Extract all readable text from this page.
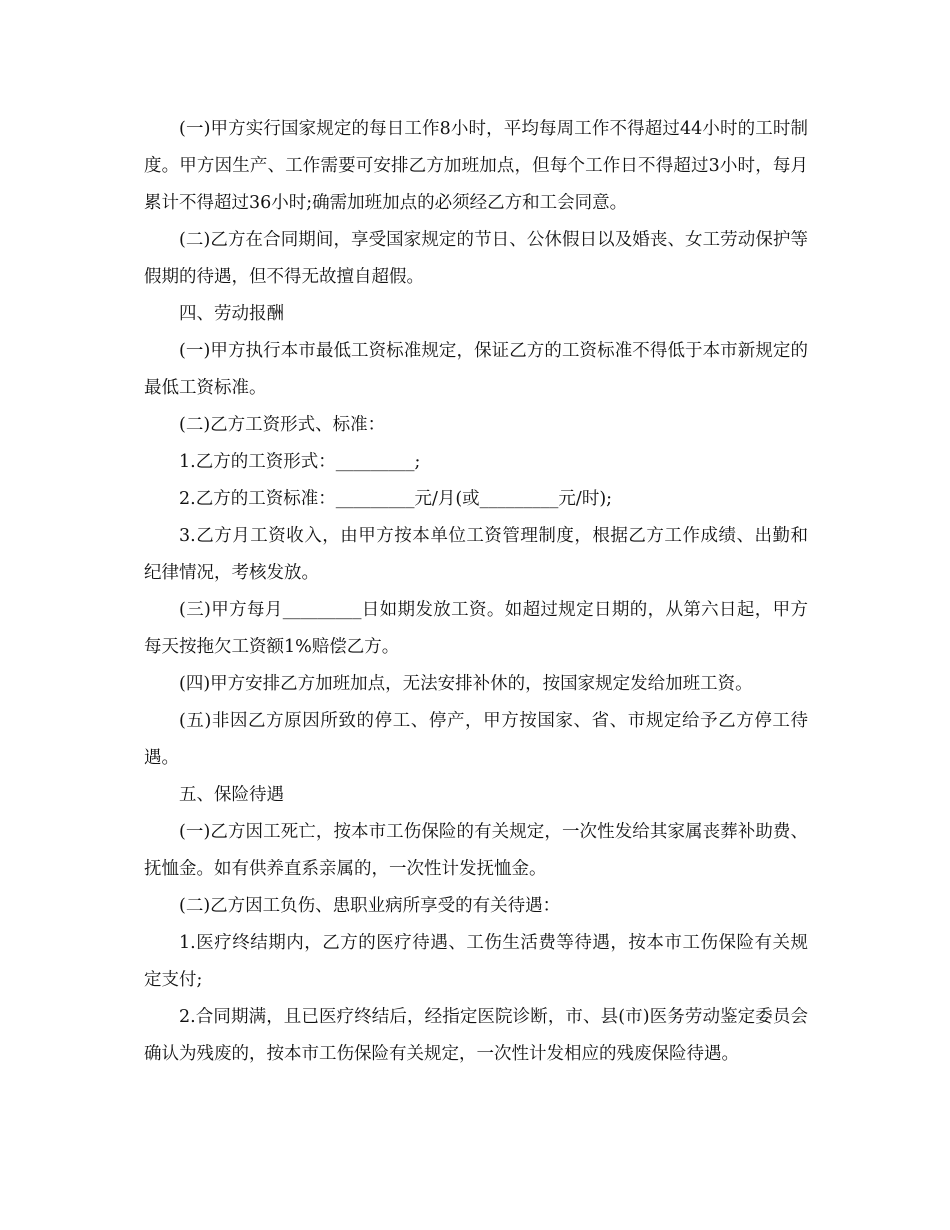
(一)甲方实行国家规定的每日工作8小时，平均每周工作不得超过44小时的工时制度。甲方因生产、工作需要可安排乙方加班加点，但每个工作日不得超过3小时，每月累计不得超过36小时;确需加班加点的必须经乙方和工会同意。

(二)乙方在合同期间，享受国家规定的节日、公休假日以及婚丧、女工劳动保护等假期的待遇，但不得无故擅自超假。

四、劳动报酬

(一)甲方执行本市最低工资标准规定，保证乙方的工资标准不得低于本市新规定的最低工资标准。

(二)乙方工资形式、标准：

1.乙方的工资形式：_________;

2.乙方的工资标准：_________元/月(或_________元/时);

3.乙方月工资收入，由甲方按本单位工资管理制度，根据乙方工作成绩、出勤和纪律情况，考核发放。

(三)甲方每月_________日如期发放工资。如超过规定日期的，从第六日起，甲方每天按拖欠工资额1%赔偿乙方。

(四)甲方安排乙方加班加点，无法安排补休的，按国家规定发给加班工资。

(五)非因乙方原因所致的停工、停产，甲方按国家、省、市规定给予乙方停工待遇。

五、保险待遇

(一)乙方因工死亡，按本市工伤保险的有关规定，一次性发给其家属丧葬补助费、抚恤金。如有供养直系亲属的，一次性计发抚恤金。

(二)乙方因工负伤、患职业病所享受的有关待遇：

1.医疗终结期内，乙方的医疗待遇、工伤生活费等待遇，按本市工伤保险有关规定支付;

2.合同期满，且已医疗终结后，经指定医院诊断，市、县(市)医务劳动鉴定委员会确认为残废的，按本市工伤保险有关规定，一次性计发相应的残废保险待遇。
